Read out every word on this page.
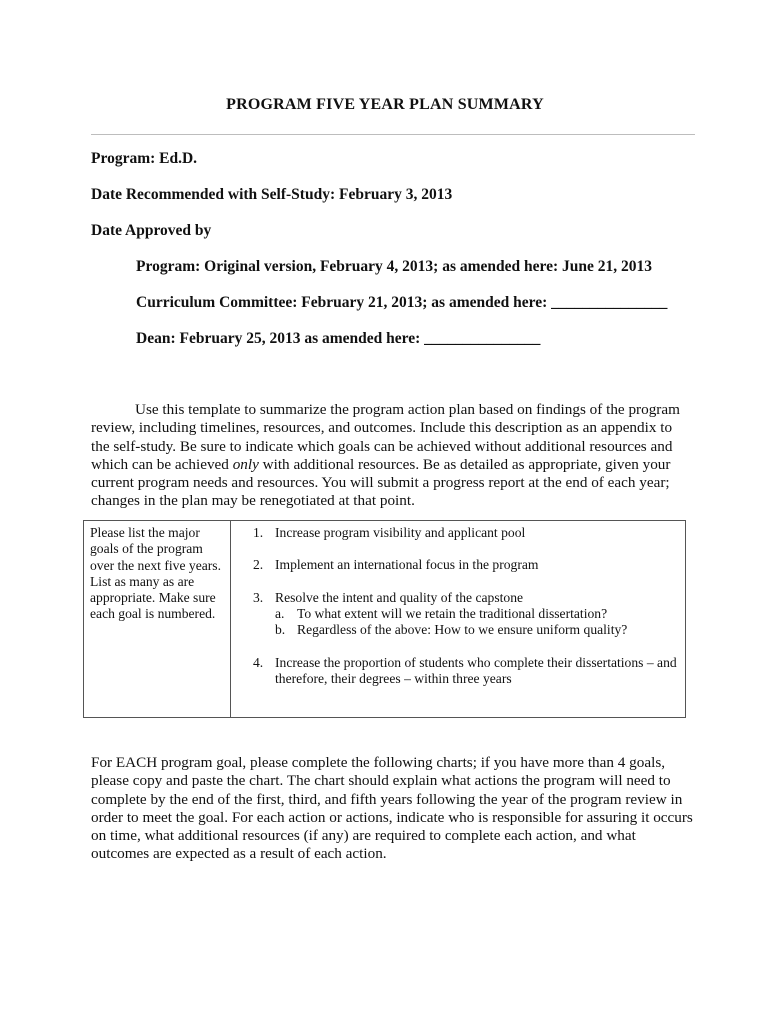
PROGRAM FIVE YEAR PLAN SUMMARY
Program: Ed.D.
Date Recommended with Self-Study: February 3, 2013
Date Approved by
Program: Original version, February 4, 2013; as amended here: June 21, 2013
Curriculum Committee: February 21, 2013; as amended here: _______________
Dean: February 25, 2013 as amended here: _______________

Use this template to summarize the program action plan based on findings of the program review, including timelines, resources, and outcomes. Include this description as an appendix to the self-study. Be sure to indicate which goals can be achieved without additional resources and which can be achieved only with additional resources. Be as detailed as appropriate, given your current program needs and resources. You will submit a progress report at the end of each year; changes in the plan may be renegotiated at that point.

Please list the major goals of the program over the next five years. List as many as are appropriate. Make sure each goal is numbered.
1. Increase program visibility and applicant pool
2. Implement an international focus in the program
3. Resolve the intent and quality of the capstone
a. To what extent will we retain the traditional dissertation?
b. Regardless of the above: How to we ensure uniform quality?
4. Increase the proportion of students who complete their dissertations – and therefore, their degrees – within three years

For EACH program goal, please complete the following charts; if you have more than 4 goals, please copy and paste the chart. The chart should explain what actions the program will need to complete by the end of the first, third, and fifth years following the year of the program review in order to meet the goal. For each action or actions, indicate who is responsible for assuring it occurs on time, what additional resources (if any) are required to complete each action, and what outcomes are expected as a result of each action.
